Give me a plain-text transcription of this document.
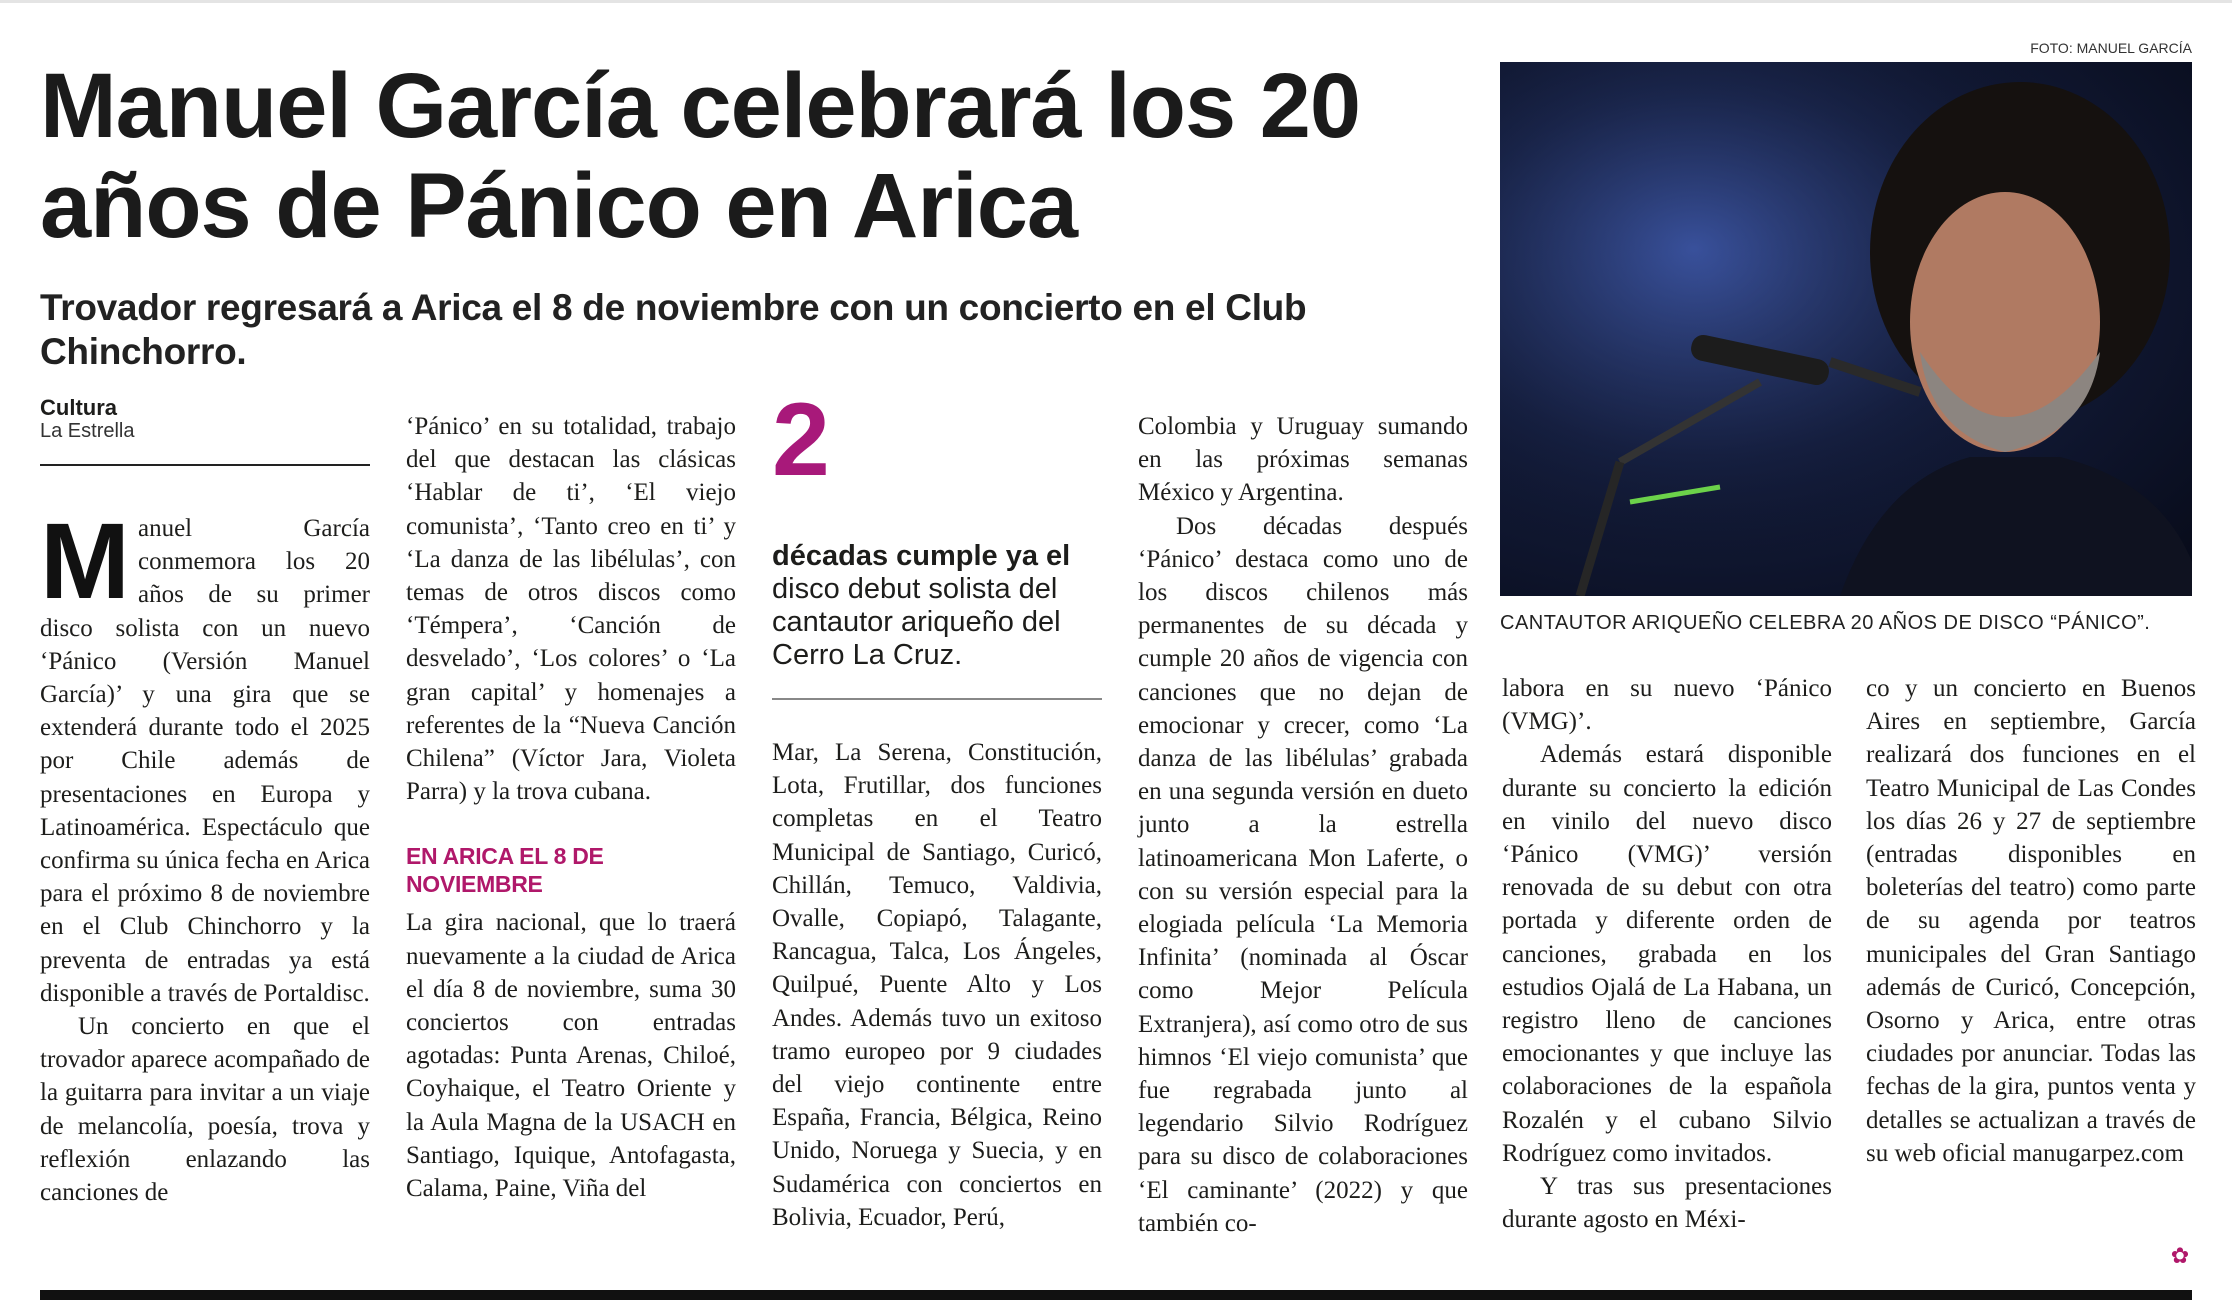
Manuel García celebrará los 20 años de Pánico en Arica
Trovador regresará a Arica el 8 de noviembre con un concierto en el Club Chinchorro.
FOTO: MANUEL GARCÍA
CANTAUTOR ARIQUEÑO CELEBRA 20 AÑOS DE DISCO “PÁNICO”.
Cultura
La Estrella

Manuel García conmemora los 20 años de su primer disco solista con un nuevo ‘Pánico (Versión Manuel García)’ y una gira que se extenderá durante todo el 2025 por Chile además de presentaciones en Europa y Latinoamérica. Espectáculo que confirma su única fecha en Arica para el próximo 8 de noviembre en el Club Chinchorro y la preventa de entradas ya está disponible a través de Portaldisc.

Un concierto en que el trovador aparece acompañado de la guitarra para invitar a un viaje de melancolía, poesía, trova y reflexión enlazando las canciones de

‘Pánico’ en su totalidad, trabajo del que destacan las clásicas ‘Hablar de ti’, ‘El viejo comunista’, ‘Tanto creo en ti’ y ‘La danza de las libélulas’, con temas de otros discos como ‘Témpera’, ‘Canción de desvelado’, ‘Los colores’ o ‘La gran capital’ y homenajes a referentes de la “Nueva Canción Chilena” (Víctor Jara, Violeta Parra) y la trova cubana.

EN ARICA EL 8 DE NOVIEMBRE

La gira nacional, que lo traerá nuevamente a la ciudad de Arica el día 8 de noviembre, suma 30 conciertos con entradas agotadas: Punta Arenas, Chiloé, Coyhaique, el Teatro Oriente y la Aula Magna de la USACH en Santiago, Iquique, Antofagasta, Calama, Paine, Viña del

2
décadas cumple ya el disco debut solista del cantautor ariqueño del Cerro La Cruz.

Mar, La Serena, Constitución, Lota, Frutillar, dos funciones completas en el Teatro Municipal de Santiago, Curicó, Chillán, Temuco, Valdivia, Ovalle, Copiapó, Talagante, Rancagua, Talca, Los Ángeles, Quilpué, Puente Alto y Los Andes. Además tuvo un exitoso tramo europeo por 9 ciudades del viejo continente entre España, Francia, Bélgica, Reino Unido, Noruega y Suecia, y en Sudamérica con conciertos en Bolivia, Ecuador, Perú,

Colombia y Uruguay sumando en las próximas semanas México y Argentina.

Dos décadas después ‘Pánico’ destaca como uno de los discos chilenos más permanentes de su década y cumple 20 años de vigencia con canciones que no dejan de emocionar y crecer, como ‘La danza de las libélulas’ grabada en una segunda versión en dueto junto a la estrella latinoamericana Mon Laferte, o con su versión especial para la elogiada película ‘La Memoria Infinita’ (nominada al Óscar como Mejor Película Extranjera), así como otro de sus himnos ‘El viejo comunista’ que fue regrabada junto al legendario Silvio Rodríguez para su disco de colaboraciones ‘El caminante’ (2022) y que también co-

labora en su nuevo ‘Pánico (VMG)’.

Además estará disponible durante su concierto la edición en vinilo del nuevo disco ‘Pánico (VMG)’ versión renovada de su debut con otra portada y diferente orden de canciones, grabada en los estudios Ojalá de La Habana, un registro lleno de canciones emocionantes y que incluye las colaboraciones de la española Rozalén y el cubano Silvio Rodríguez como invitados.

Y tras sus presentaciones durante agosto en Méxi-

co y un concierto en Buenos Aires en septiembre, García realizará dos funciones en el Teatro Municipal de Las Condes los días 26 y 27 de septiembre (entradas disponibles en boleterías del teatro) como parte de su agenda por teatros municipales del Gran Santiago además de Curicó, Concepción, Osorno y Arica, entre otras ciudades por anunciar. Todas las fechas de la gira, puntos venta y detalles se actualizan a través de su web oficial manugarpez.com

✿
